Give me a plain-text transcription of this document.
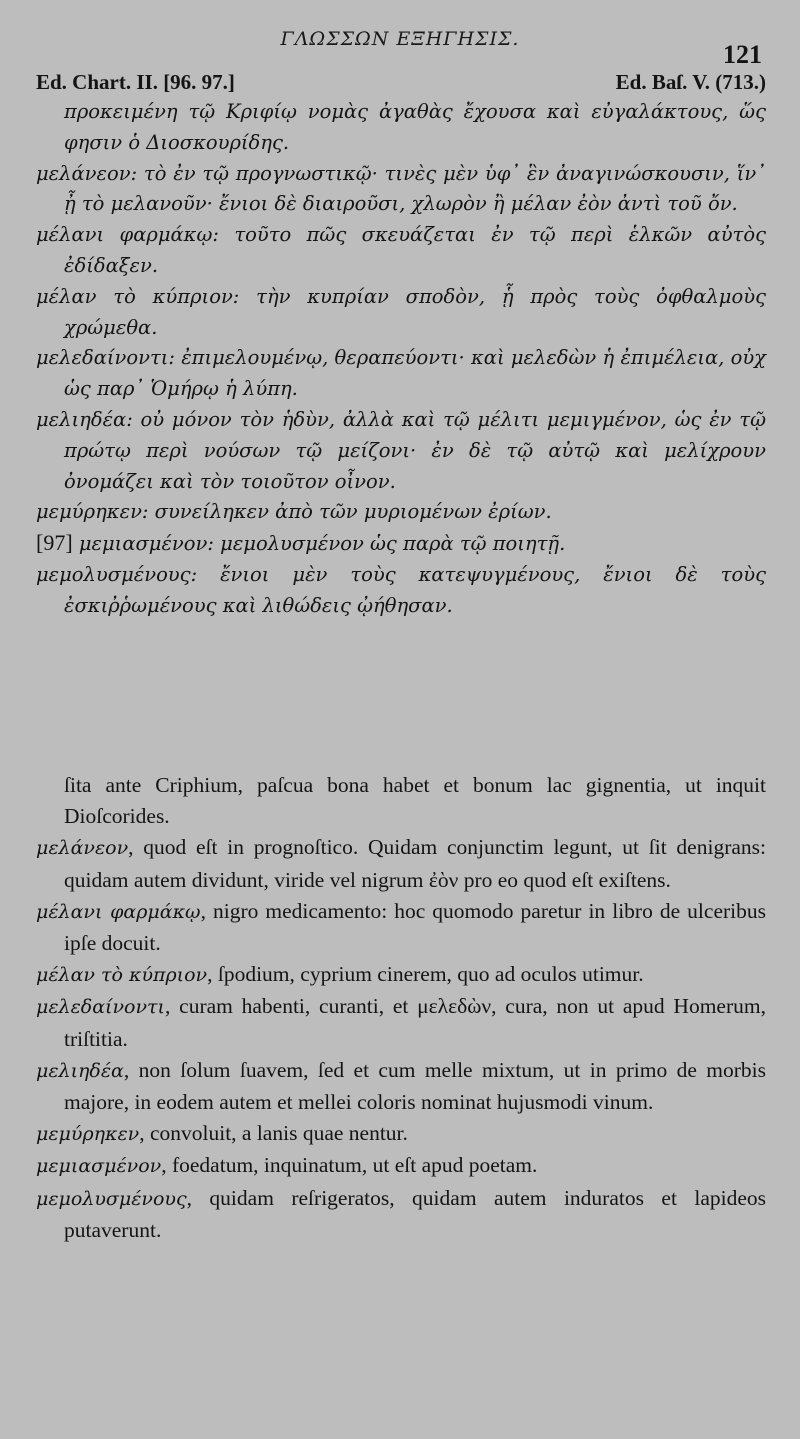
ΓΛΩΣΣΩΝ ΕΞΗΓΗΣΙΣ.
121
Ed. Chart. II. [96. 97.]	Ed. Baſ. V. (713.)

προκειμένη τῷ Κριφίῳ νομὰς ἀγαθὰς ἔχουσα καὶ εὐγαλάκτους, ὥς φησιν ὁ Διοσκουρίδης.

μελάνεον: τὸ ἐν τῷ προγνωστικῷ· τινὲς μὲν ὑφ᾽ ἓν ἀναγινώσκουσιν, ἵν᾽ ᾖ τὸ μελανοῦν· ἔνιοι δὲ διαιροῦσι, χλωρὸν ἢ μέλαν ἐὸν ἀντὶ τοῦ ὄν.

μέλανι φαρμάκῳ: τοῦτο πῶς σκευάζεται ἐν τῷ περὶ ἑλκῶν αὐτὸς ἐδίδαξεν.

μέλαν τὸ κύπριον: τὴν κυπρίαν σποδὸν, ᾗ πρὸς τοὺς ὀφθαλμοὺς χρώμεθα.

μελεδαίνοντι: ἐπιμελουμένῳ, θεραπεύοντι· καὶ μελεδὼν ἡ ἐπιμέλεια, οὐχ ὡς παρ᾽ Ὁμήρῳ ἡ λύπη.

μελιηδέα: οὐ μόνον τὸν ἡδὺν, ἀλλὰ καὶ τῷ μέλιτι μεμιγμένον, ὡς ἐν τῷ πρώτῳ περὶ νούσων τῷ μείζονι· ἐν δὲ τῷ αὐτῷ καὶ μελίχρουν ὀνομάζει καὶ τὸν τοιοῦτον οἶνον.

μεμύρηκεν: συνείληκεν ἀπὸ τῶν μυριομένων ἐρίων.

[97] μεμιασμένον: μεμολυσμένον ὡς παρὰ τῷ ποιητῇ.

μεμολυσμένους: ἔνιοι μὲν τοὺς κατεψυγμένους, ἔνιοι δὲ τοὺς ἐσκιῤῥωμένους καὶ λιθώδεις ᾠήθησαν.

ſita ante Criphium, paſcua bona habet et bonum lac gignentia, ut inquit Dioſcorides.

μελάνεον, quod eſt in prognoſtico. Quidam conjunctim legunt, ut ſit denigrans: quidam autem dividunt, viride vel nigrum ἐὸν pro eo quod eſt exiſtens.

μέλανι φαρμάκῳ, nigro medicamento: hoc quomodo paretur in libro de ulceribus ipſe docuit.

μέλαν τὸ κύπριον, ſpodium, cyprium cinerem, quo ad oculos utimur.

μελεδαίνοντι, curam habenti, curanti, et μελεδὼν, cura, non ut apud Homerum, triſtitia.

μελιηδέα, non ſolum ſuavem, ſed et cum melle mixtum, ut in primo de morbis majore, in eodem autem et mellei coloris nominat hujusmodi vinum.

μεμύρηκεν, convoluit, a lanis quae nentur.

μεμιασμένον, foedatum, inquinatum, ut eſt apud poetam.

μεμολυσμένους, quidam reſrigeratos, quidam autem induratos et lapideos putaverunt.
